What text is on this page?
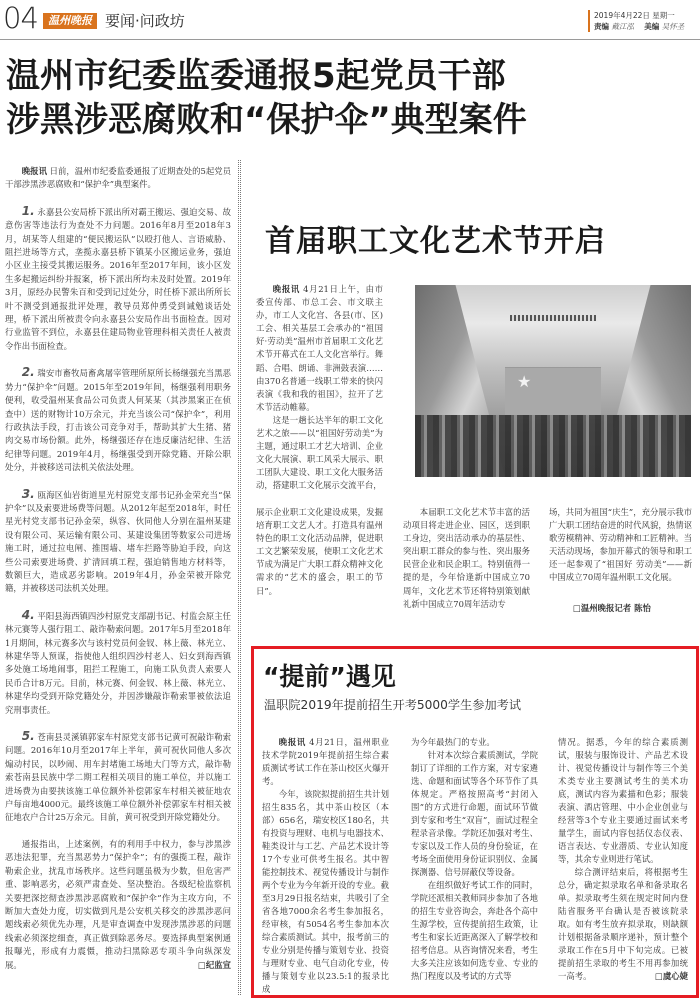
04 温州晚报 要闻·问政坊	2019年4月22日 星期一
责编 戴江泓 美编 吴怀圣
温州市纪委监委通报5起党员干部
涉黑涉恶腐败和“保护伞”典型案件

晚报讯 日前，温州市纪委监委通报了近期查处的5起党员干部涉黑涉恶腐败和“保护伞”典型案件。

1. 永嘉县公安局桥下派出所对霸王搬运、强迫交易、故意伤害等违法行为查处不力问题。2016年8月至2018年3月，胡某等人组建的“便民搬运队”以殴打他人、言语威胁、阻拦进场等方式，垄揽永嘉县桥下镇某小区搬运业务，强迫小区业主接受其搬运服务。2016年至2017年间，该小区发生多起搬运纠纷并报案，桥下派出所均未及时处置。2019年3月，原经办民警朱百和受到记过处分，时任桥下派出所所长叶不测受到通报批评处理，教导员郑仲勇受到诫勉谈话处理，桥下派出所被责令向永嘉县公安局作出书面检查。因对行业监管不到位，永嘉县住建局物业管理科相关责任人被责令作出书面检查。

2. 瑞安市畜牧局畜禽屠宰管理所原所长杨继强充当黑恶势力“保护伞”问题。2015年至2019年间，杨继强利用职务便利，收受温州某食品公司负责人何某某（其涉黑案正在侦查中）送的财物计10万余元，并充当该公司“保护伞”，利用行政执法手段，打击该公司竞争对手，帮助其扩大生猪、猪肉交易市场份额。此外，杨继强还存在违反廉洁纪律、生活纪律等问题。2019年4月，杨继强受到开除党籍、开除公职处分，并被移送司法机关依法处理。

3. 瓯海区仙岩街道星光村原党支部书记孙金荣充当“保护伞”以及索要进场费等问题。从2012年起至2018年，时任星光村党支部书记孙金荣，纵容、伙同他人分别在温州某建设有限公司、某运输有限公司、某建设集团等数家公司进场施工时，通过拉电闸、推围墙、堵车拦路等胁迫手段，向这些公司索要进场费、扩清回填工程，强迫销售地方材料等，数额巨大，造成恶劣影响。2019年4月，孙金荣被开除党籍，并被移送司法机关处理。

4. 平阳县海西镇四沙村原党支部副书记、村监会原主任林元赛等人强行阻工、敲诈勒索问题。2017年5月至2018年1月期间，林元赛多次与该村党员何金钗、林上薇、林光立、林建华等人预谋，指使他人组织四沙村老人、妇女到海西镇多处施工场地闹事，阻拦工程施工，向施工队负责人索要人民币合计8万元。目前，林元赛、何金钗、林上薇、林光立、林建华均受到开除党籍处分，并因涉嫌敲诈勒索罪被依法追究刑事责任。

5. 苍南县灵溪镇郭家车村原党支部书记黄可祝敲诈勒索问题。2016年10月至2017年上半年，黄可祝伙同他人多次煽动村民，以吵闹、用车封堵施工场地大门等方式，敲诈勒索苍南县民族中学二期工程相关项目的施工单位，并以施工进场费为由要挟该施工单位额外补偿郭家车村相关被征地农户每亩地4000元。最终该施工单位额外补偿郭家车村相关被征地农户合计25万余元。目前，黄可祝受到开除党籍处分。

通报指出，上述案例，有的利用手中权力，参与涉黑涉恶违法犯罪，充当黑恶势力“保护伞”；有的强揽工程，敲诈勒索企业，扰乱市场秩序。这些问题虽极为少数，但危害严重、影响恶劣，必须严肃查处、坚决整治。各级纪检监察机关要把深挖彻查涉黑涉恶腐败和“保护伞”作为主攻方向，不断加大查处力度，切实做到凡是公安机关移交的涉黑涉恶问题线索必须优先办理，凡是审查调查中发现涉黑涉恶的问题线索必须深挖细查，真正做到除恶务尽。要选择典型案例通报曝光，形成有力震慑，推动扫黑除恶专项斗争向纵深发展。	□纪监宣

首届职工文化艺术节开启

晚报讯 4月21日上午，由市委宣传部、市总工会、市文联主办，市工人文化宫、各县(市、区)工会、相关基层工会承办的“祖国好·劳动美”温州市首届职工文化艺术节开幕式在工人文化宫举行。舞蹈、合唱、朗诵、非洲鼓表演……由370名普通一线职工带来的快闪表演《我和我的祖国》，拉开了艺术节活动帷幕。

这是一趟长达半年的职工文化艺术之旅——以“祖国好劳动美”为主题，通过职工才艺大培训、企业文化大展演、职工风采大展示、职工团队大建设、职工文化大服务活动，搭建职工文化展示交流平台，

★

展示企业职工文化建设成果，发掘培育职工文艺人才。打造具有温州特色的职工文化活动品牌，促进职工文艺繁荣发展，使职工文化艺术节成为满足广大职工群众精神文化需求的“艺术的盛会，职工的节日”。

本届职工文化艺术节丰富的活动项目将走进企业、园区，送到职工身边，突出活动承办的基层性、突出职工群众的参与性、突出服务民营企业和民企职工。特别值得一提的是，今年恰逢新中国成立70周年，文化艺术节还将特别策划献礼新中国成立70周年活动专

场，共同为祖国“庆生”，充分展示我市广大职工团结奋进的时代风貌，热情讴歌劳模精神、劳动精神和工匠精神。当天活动现场，参加开幕式的领导和职工还一起参观了“祖国好 劳动美”——新中国成立70周年温州职工文化展。

□温州晚报记者 陈怡
“提前”遇见
温职院2019年提前招生开考5000学生参加考试

晚报讯 4月21日，温州职业技术学院2019年提前招生综合素质测试考试工作在茶山校区火爆开考。

今年，该院拟提前招生共计划招生835名，其中茶山校区（本部）656名，瑞安校区180名，共有投资与理财、电机与电器技术、鞋类设计与工艺、产品艺术设计等17个专业可供考生报名。其中智能控制技术、视觉传播设计与制作两个专业为今年新开设的专业。截至3月29日报名结束，共吸引了全省各地7000余名考生参加报名，经审核，有5054名考生参加本次综合素质测试。其中，报考前三的专业分别是传播与策划专业、投资与理财专业、电气自动化专业，传播与策划专业以23.5:1的报录比成

为今年最热门的专业。

针对本次综合素质测试，学院制订了详细的工作方案，对专家遴选、命题和面试等各个环节作了具体规定。严格按照高考“封闭入围”的方式进行命题，面试环节做到专家和考生“双盲”，面试过程全程录音录像。学院还加强对考生、专家以及工作人员的身份验证，在考场全面使用身份证识别仪、金属探测器、信号屏蔽仪等设备。

在组织做好考试工作的同时，学院还派相关教师同步参加了各地的招生专业咨询会，奔赴各个高中生源学校，宣传提前招生政策，让考生和家长近距离深入了解学校和招考信息。从咨询情况来看，考生大多关注应该如何选专业、专业的热门程度以及考试的方式等

情况。据悉，今年的综合素质测试，服装与服饰设计、产品艺术设计、视觉传播设计与制作等三个美术类专业主要测试考生的美术功底，测试内容为素描和色彩；服装表演、酒店管理、中小企业创业与经营等3个专业主要通过面试来考量学生，面试内容包括仪态仪表、语言表达、专业潜质、专业认知度等，其余专业则进行笔试。

综合测评结束后，将根据考生总分，确定拟录取名单和备录取名单。拟录取考生须在规定时间内登陆省服务平台确认是否被该院录取。如有考生放弃拟录取，则缺额计划根据备录顺序递补，预计整个录取工作在5月中下旬完成。已被提前招生录取的考生不用再参加统一高考。	□虞心婕
